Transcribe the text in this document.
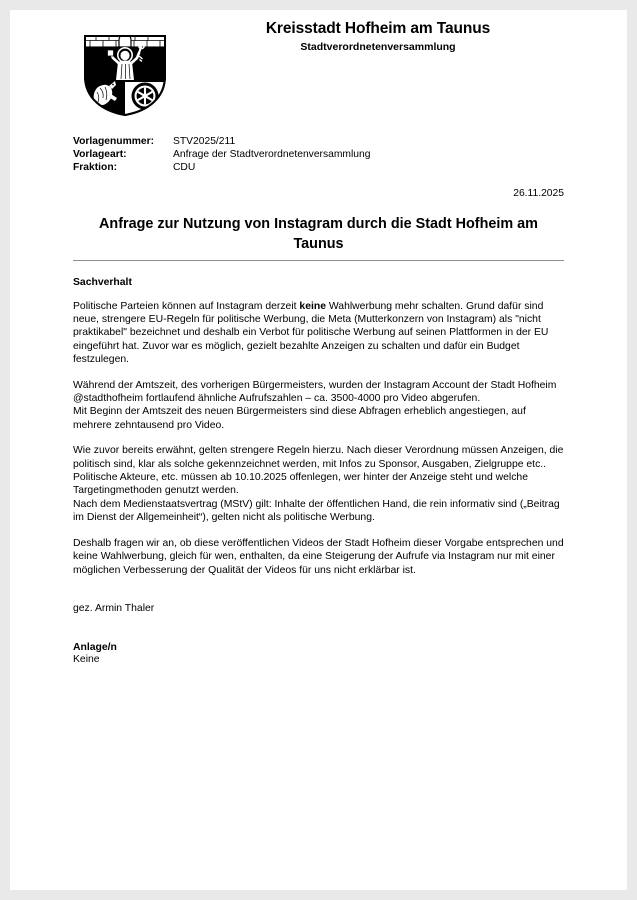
Kreisstadt Hofheim am Taunus
Stadtverordnetenversammlung
Vorlagenummer:	STV2025/211
Vorlageart:	Anfrage der Stadtverordnetenversammlung
Fraktion:	CDU
26.11.2025
Anfrage zur Nutzung von Instagram durch die Stadt Hofheim am Taunus
Sachverhalt
Politische Parteien können auf Instagram derzeit keine Wahlwerbung mehr schalten. Grund dafür sind neue, strengere EU-Regeln für politische Werbung, die Meta (Mutterkonzern von Instagram) als "nicht praktikabel" bezeichnet und deshalb ein Verbot für politische Werbung auf seinen Plattformen in der EU eingeführt hat. Zuvor war es möglich, gezielt bezahlte Anzeigen zu schalten und dafür ein Budget festzulegen.
Während der Amtszeit, des vorherigen Bürgermeisters, wurden der Instagram Account der Stadt Hofheim @stadthofheim fortlaufend ähnliche Aufrufszahlen – ca. 3500-4000 pro Video abgerufen.
Mit Beginn der Amtszeit des neuen Bürgermeisters sind diese Abfragen erheblich angestiegen, auf mehrere zehntausend pro Video.
Wie zuvor bereits erwähnt, gelten strengere Regeln hierzu. Nach dieser Verordnung müssen Anzeigen, die politisch sind, klar als solche gekennzeichnet werden, mit Infos zu Sponsor, Ausgaben, Zielgruppe etc..
Politische Akteure, etc. müssen ab 10.10.2025 offenlegen, wer hinter der Anzeige steht und welche Targetingmethoden genutzt werden.
Nach dem Medienstaatsvertrag (MStV) gilt: Inhalte der öffentlichen Hand, die rein informativ sind („Beitrag im Dienst der Allgemeinheit“), gelten nicht als politische Werbung.
Deshalb fragen wir an, ob diese veröffentlichen Videos der Stadt Hofheim dieser Vorgabe entsprechen und keine Wahlwerbung, gleich für wen, enthalten, da eine Steigerung der Aufrufe via Instagram nur mit einer möglichen Verbesserung der Qualität der Videos für uns nicht erklärbar ist.
gez. Armin Thaler
Anlage/n
Keine
